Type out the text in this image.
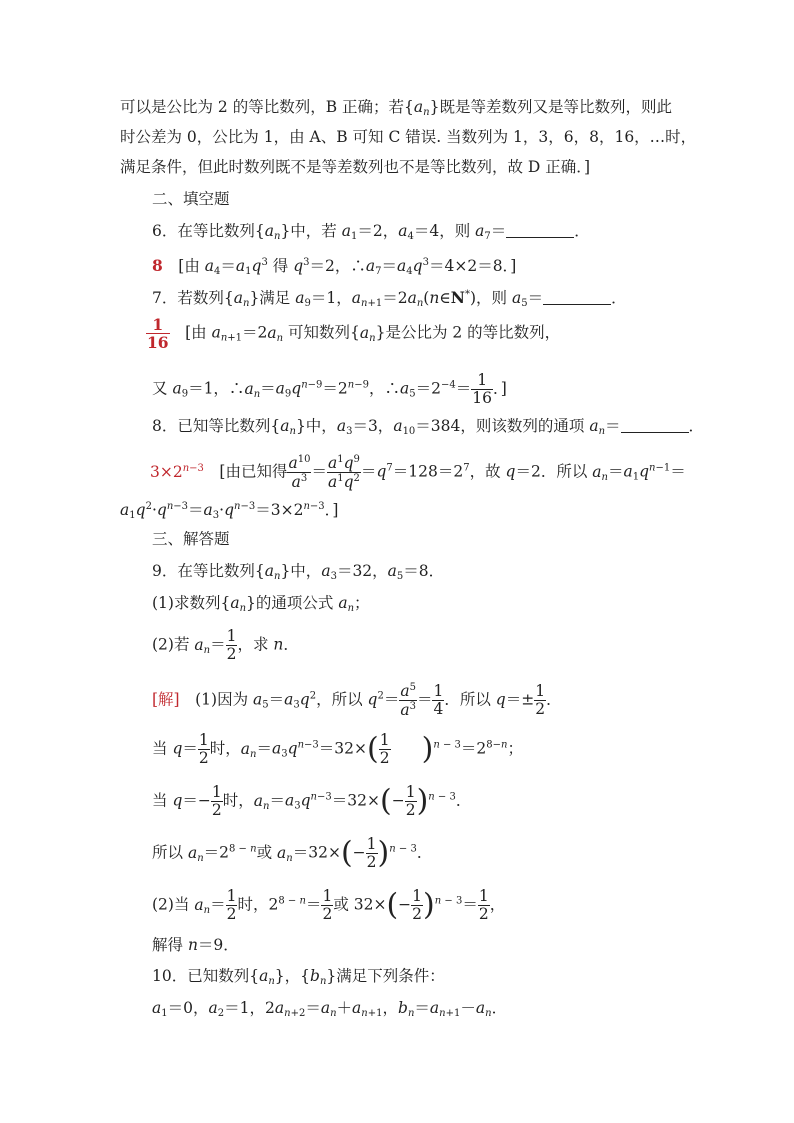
可以是公比为 2 的等比数列，B 正确；若$\{a_n\}$既是等差数列又是等比数列，则此
时公差为 0，公比为 1，由 A、B 可知 C 错误. 当数列为 1，3，6，8，16，…时，
满足条件，但此时数列既不是等差数列也不是等比数列，故 D 正确．]
二、填空题
6．在等比数列$\{a_n\}$中，若 $a_1=2$，$a_4=4$，则 $a_7=$	．
8　[由 $a_4=a_1q^3$ 得 $q^3=2$，$\therefore a_7=a_4q^3=4\times 2=8$．]
7．若数列$\{a_n\}$满足 $a_9=1$，$a_{n+1}=2a_n(n\in N^*)$，则 $a_5=$	．
$\frac{1}{16}$ 　[由 $a_{n+1}=2a_n$ 可知数列$\{a_n\}$是公比为 2 的等比数列，
又 $a_9=1$，$\therefore a_n=a_9q^{n-9}=2^{n-9}$，$\therefore a_5=2^{-4}= \frac{1}{16}$ ．]
8．已知等比数列$\{a_n\}$中，$a_3=3$，$a_{10}=384$，则该数列的通项 $a_n=$	．
$3\times 2^{n-3}$　[由已知得 $\frac{a^{10}}{a^3} = \frac{a^1q^9}{a^1q^2} =q^7=128=2^7$，故 q＝2．所以 $a_n=a_1q^{n-1}=$
$a_1q^2\cdot q^{n-3}=a_3\cdot q^{n-3}=3\times 2^{n-3}$．]
三、解答题
9．在等比数列$\{a_n\}$中，$a_3=32$，$a_5=8$．
(1)求数列$\{a_n\}$的通项公式 $a_n$；
(2)若 $a_n= \frac{1}{2}$ ，求 n．
[解]　(1)因为 $a_5=a_3q^2$，所以 $q^2= \frac{a^5}{a^3} = \frac{1}{4}$ ．所以 $q=\pm \frac{1}{2}$ ．
当 $q= \frac{1}{2}$ 时，$a_n=a_3q^{n-3}=32\times( \frac{1}{2}$
　　 )$^{n - 3}=2^{8-n}$；
当 $q=- \frac{1}{2}$ 时，$a_n=a_3q^{n-3}=32\times(- \frac{1}{2} )^{n - 3}$．
所以 $a_n=2^{8 - n}$或 $a_n=32\times(- \frac{1}{2} )^{n - 3}$．
(2)当 $a_n= \frac{1}{2}$ 时，$2^{8 - n}= \frac{1}{2}$ 或 $32\times(- \frac{1}{2} )^{n - 3}= \frac{1}{2}$ ，
解得 n＝9．
10．已知数列$\{a_n\}$，$\{b_n\}$满足下列条件：
$a_1=0$，$a_2=1$，$2a_{n+2}=a_n+a_{n+1}$，$b_n=a_{n+1}-a_n$．
